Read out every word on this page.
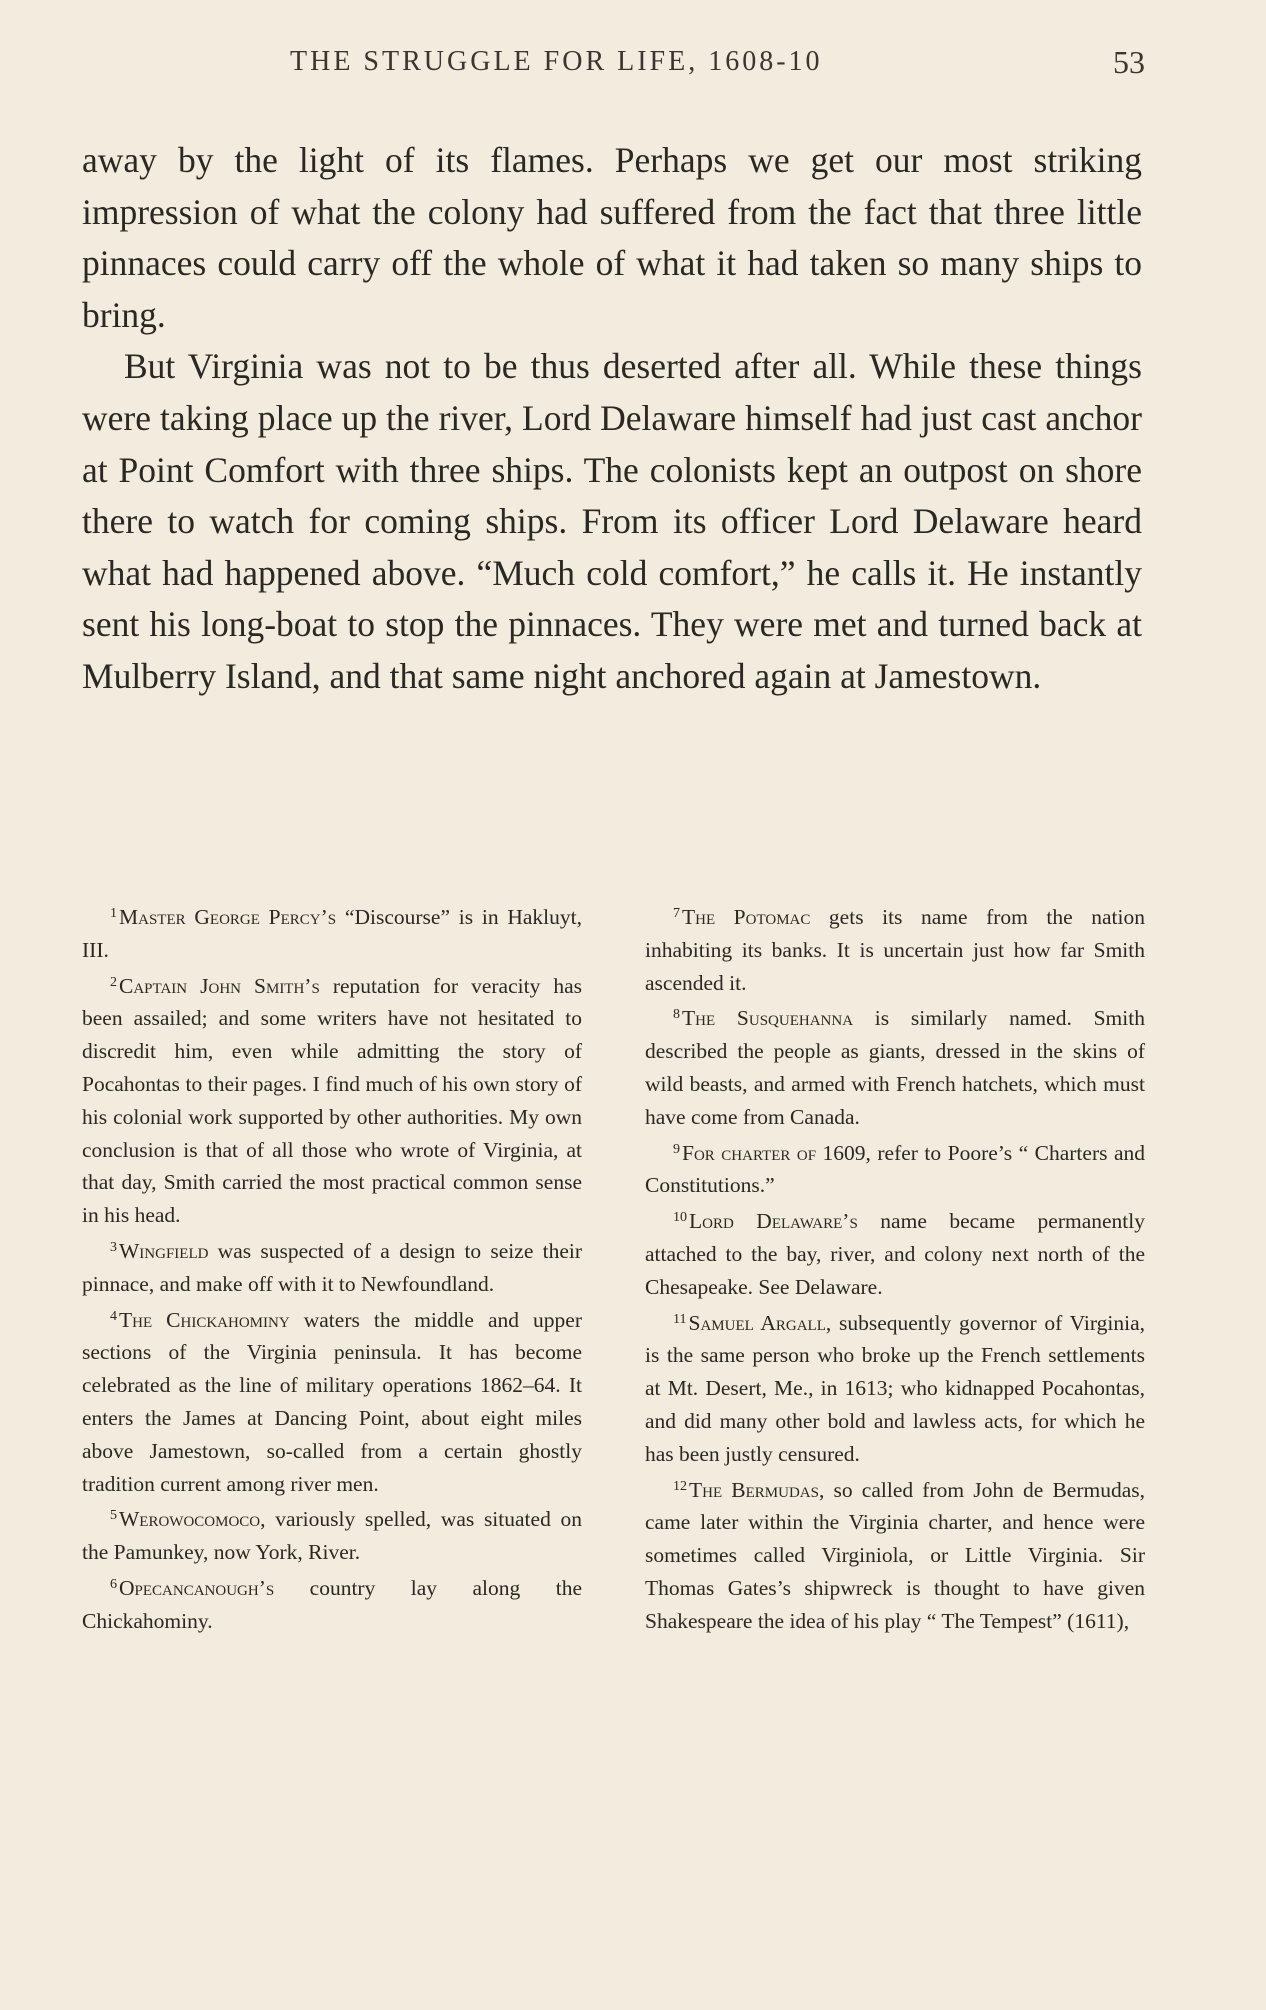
THE STRUGGLE FOR LIFE, 1608-10	53

away by the light of its flames. Perhaps we get our most striking impression of what the colony had suffered from the fact that three little pinnaces could carry off the whole of what it had taken so many ships to bring.

But Virginia was not to be thus deserted after all. While these things were taking place up the river, Lord Delaware himself had just cast anchor at Point Comfort with three ships. The colonists kept an outpost on shore there to watch for coming ships. From its officer Lord Delaware heard what had happened above. “Much cold comfort,” he calls it. He instantly sent his long-boat to stop the pinnaces. They were met and turned back at Mulberry Island, and that same night anchored again at Jamestown.

$^1$Master George Percy’s “Discourse” is in Hakluyt, III.

$^2$Captain John Smith’s reputation for veracity has been assailed; and some writers have not hesitated to discredit him, even while admitting the story of Pocahontas to their pages. I find much of his own story of his colonial work supported by other authorities. My own conclusion is that of all those who wrote of Virginia, at that day, Smith carried the most practical common sense in his head.

$^3$Wingfield was suspected of a design to seize their pinnace, and make off with it to Newfoundland.

$^4$The Chickahominy waters the middle and upper sections of the Virginia peninsula. It has become celebrated as the line of military operations 1862–64. It enters the James at Dancing Point, about eight miles above Jamestown, so-called from a certain ghostly tradition current among river men.

$^5$Werowocomoco, variously spelled, was situated on the Pamunkey, now York, River.

$^6$Opecancanough’s country lay along the Chickahominy.

$^7$The Potomac gets its name from the nation inhabiting its banks. It is uncertain just how far Smith ascended it.

$^8$The Susquehanna is similarly named. Smith described the people as giants, dressed in the skins of wild beasts, and armed with French hatchets, which must have come from Canada.

$^9$For charter of 1609, refer to Poore’s “ Charters and Constitutions.”

$^{10}$Lord Delaware’s name became permanently attached to the bay, river, and colony next north of the Chesapeake. See Delaware.

$^{11}$Samuel Argall, subsequently governor of Virginia, is the same person who broke up the French settlements at Mt. Desert, Me., in 1613; who kidnapped Pocahontas, and did many other bold and lawless acts, for which he has been justly censured.

$^{12}$The Bermudas, so called from John de Bermudas, came later within the Virginia charter, and hence were sometimes called Virginiola, or Little Virginia. Sir Thomas Gates’s shipwreck is thought to have given Shakespeare the idea of his play “ The Tempest” (1611),
